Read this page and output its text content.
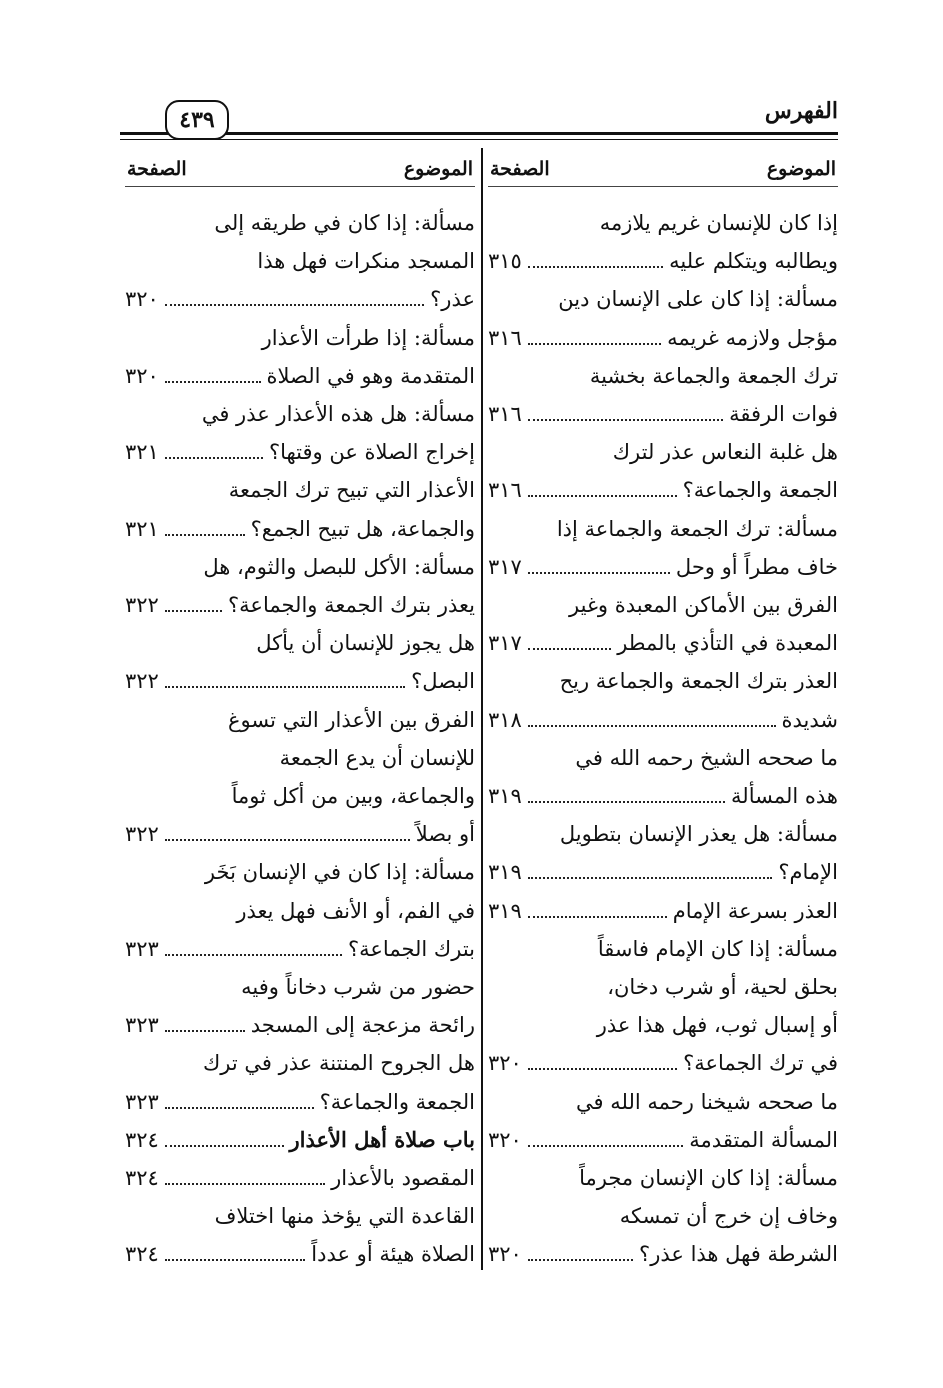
الفهرس
٤٣٩
الموضوع
الصفحة
إذا كان للإنسان غريم يلازمه
ويطالبه ويتكلم عليه
٣١٥
مسألة: إذا كان على الإنسان دين
مؤجل ولازمه غريمه
٣١٦
ترك الجمعة والجماعة بخشية
فوات الرفقة
٣١٦
هل غلبة النعاس عذر لترك
الجمعة والجماعة؟
٣١٦
مسألة: ترك الجمعة والجماعة إذا
خاف مطراً أو وحل
٣١٧
الفرق بين الأماكن المعبدة وغير
المعبدة في التأذي بالمطر
٣١٧
العذر بترك الجمعة والجماعة ريح
شديدة
٣١٨
ما صححه الشيخ رحمه الله في
هذه المسألة
٣١٩
مسألة: هل يعذر الإنسان بتطويل
الإمام؟
٣١٩
العذر بسرعة الإمام
٣١٩
مسألة: إذا كان الإمام فاسقاً
بحلق لحية، أو شرب دخان،
أو إسبال ثوب، فهل هذا عذر
في ترك الجماعة؟
٣٢٠
ما صححه شيخنا رحمه الله في
المسألة المتقدمة
٣٢٠
مسألة: إذا كان الإنسان مجرماً
وخاف إن خرج أن تمسكه
الشرطة فهل هذا عذر؟
٣٢٠
الموضوع
الصفحة
مسألة: إذا كان في طريقه إلى
المسجد منكرات فهل هذا
عذر؟
٣٢٠
مسألة: إذا طرأت الأعذار
المتقدمة وهو في الصلاة
٣٢٠
مسألة: هل هذه الأعذار عذر في
إخراج الصلاة عن وقتها؟
٣٢١
الأعذار التي تبيح ترك الجمعة
والجماعة، هل تبيح الجمع؟
٣٢١
مسألة: الأكل للبصل والثوم، هل
يعذر بترك الجمعة والجماعة؟
٣٢٢
هل يجوز للإنسان أن يأكل
البصل؟
٣٢٢
الفرق بين الأعذار التي تسوغ
للإنسان أن يدع الجمعة
والجماعة، وبين من أكل ثوماً
أو بصلاً
٣٢٢
مسألة: إذا كان في الإنسان بَخَر
في الفم، أو الأنف فهل يعذر
بترك الجماعة؟
٣٢٣
حضور من شرب دخاناً وفيه
رائحة مزعجة إلى المسجد
٣٢٣
هل الجروح المنتنة عذر في ترك
الجمعة والجماعة؟
٣٢٣
باب صلاة أهل الأعذار
٣٢٤
المقصود بالأعذار
٣٢٤
القاعدة التي يؤخذ منها اختلاف
الصلاة هيئة أو عدداً
٣٢٤
